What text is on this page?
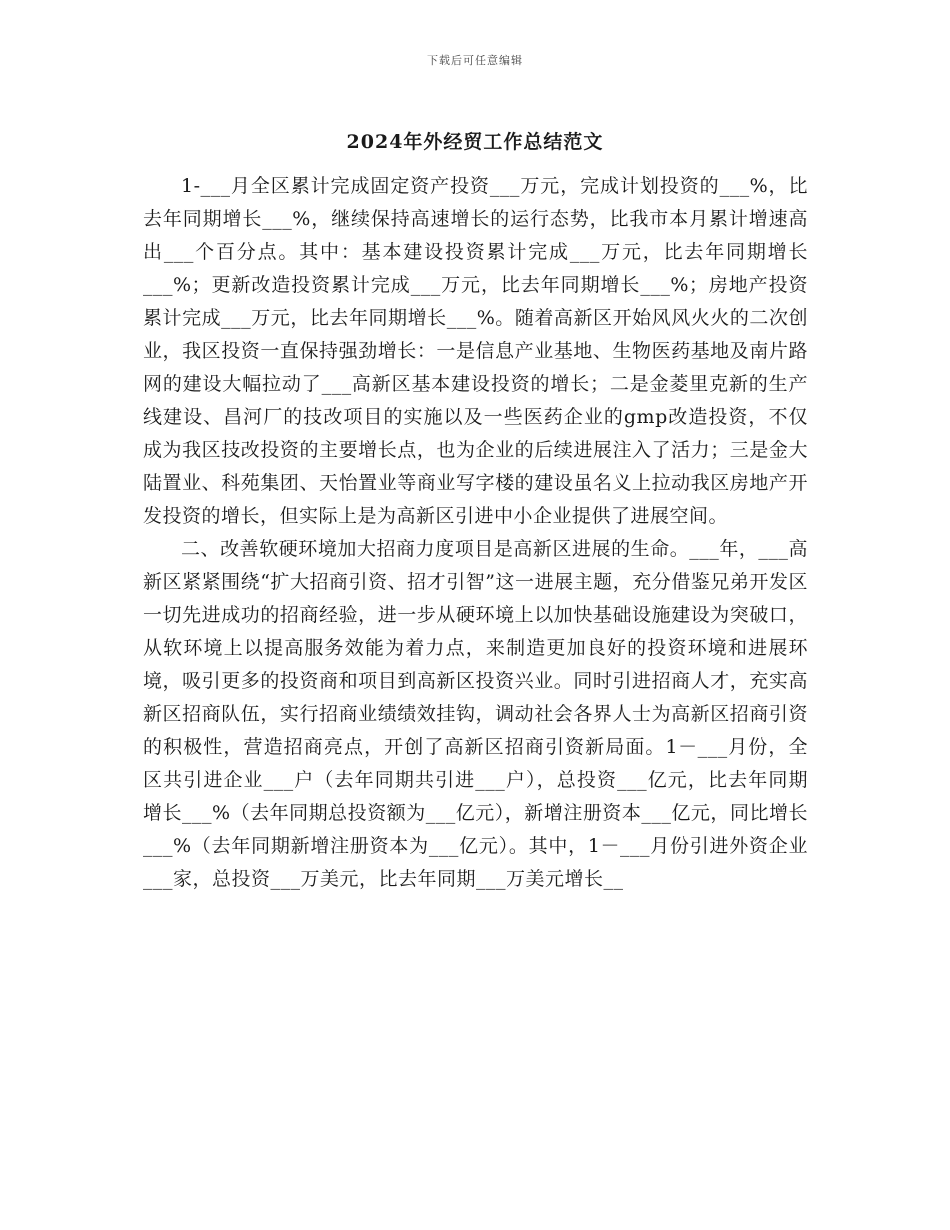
下载后可任意编辑
2024年外经贸工作总结范文

1-___月全区累计完成固定资产投资___万元，完成计划投资的___%，比去年同期增长___%，继续保持高速增长的运行态势，比我市本月累计增速高出___个百分点。其中：基本建设投资累计完成___万元，比去年同期增长___%；更新改造投资累计完成___万元，比去年同期增长___%；房地产投资累计完成___万元，比去年同期增长___%。随着高新区开始风风火火的二次创业，我区投资一直保持强劲增长：一是信息产业基地、生物医药基地及南片路网的建设大幅拉动了___高新区基本建设投资的增长；二是金菱里克新的生产线建设、昌河厂的技改项目的实施以及一些医药企业的gmp改造投资，不仅成为我区技改投资的主要增长点，也为企业的后续进展注入了活力；三是金大陆置业、科苑集团、天怡置业等商业写字楼的建设虽名义上拉动我区房地产开发投资的增长，但实际上是为高新区引进中小企业提供了进展空间。

二、改善软硬环境加大招商力度项目是高新区进展的生命。___年，___高新区紧紧围绕“扩大招商引资、招才引智”这一进展主题，充分借鉴兄弟开发区一切先进成功的招商经验，进一步从硬环境上以加快基础设施建设为突破口，从软环境上以提高服务效能为着力点，来制造更加良好的投资环境和进展环境，吸引更多的投资商和项目到高新区投资兴业。同时引进招商人才，充实高新区招商队伍，实行招商业绩绩效挂钩，调动社会各界人士为高新区招商引资的积极性，营造招商亮点，开创了高新区招商引资新局面。1－___月份，全区共引进企业___户（去年同期共引进___户），总投资___亿元，比去年同期增长___%（去年同期总投资额为___亿元），新增注册资本___亿元，同比增长___%（去年同期新增注册资本为___亿元）。其中，1－___月份引进外资企业___家，总投资___万美元，比去年同期___万美元增长__
